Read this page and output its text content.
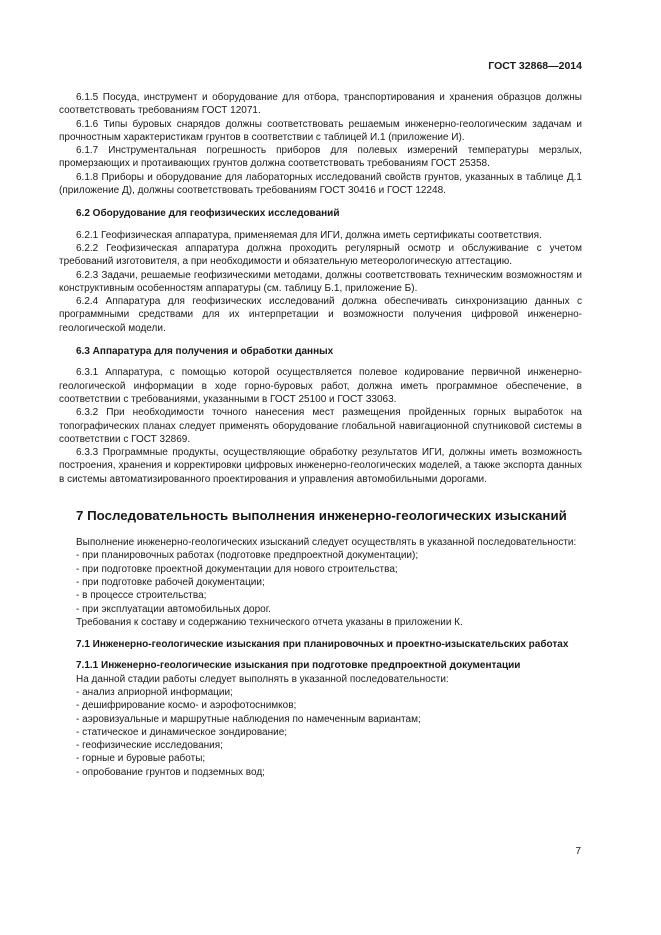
ГОСТ 32868—2014

6.1.5 Посуда, инструмент и оборудование для отбора, транспортирования и хранения образцов должны соответствовать требованиям ГОСТ 12071.

6.1.6 Типы буровых снарядов должны соответствовать решаемым инженерно-геологическим задачам и прочностным характеристикам грунтов в соответствии с таблицей И.1 (приложение И).

6.1.7 Инструментальная погрешность приборов для полевых измерений температуры мерзлых, промерзающих и протаивающих грунтов должна соответствовать требованиям ГОСТ 25358.

6.1.8 Приборы и оборудование для лабораторных исследований свойств грунтов, указанных в таблице Д.1 (приложение Д), должны соответствовать требованиям ГОСТ 30416 и ГОСТ 12248.

6.2 Оборудование для геофизических исследований

6.2.1 Геофизическая аппаратура, применяемая для ИГИ, должна иметь сертификаты соответствия.

6.2.2 Геофизическая аппаратура должна проходить регулярный осмотр и обслуживание с учетом требований изготовителя, а при необходимости и обязательную метеорологическую аттестацию.

6.2.3 Задачи, решаемые геофизическими методами, должны соответствовать техническим возможностям и конструктивным особенностям аппаратуры (см. таблицу Б.1, приложение Б).

6.2.4 Аппаратура для геофизических исследований должна обеспечивать синхронизацию данных с программными средствами для их интерпретации и возможности получения цифровой инженерно-геологической модели.

6.3 Аппаратура для получения и обработки данных

6.3.1 Аппаратура, с помощью которой осуществляется полевое кодирование первичной инженерно-геологической информации в ходе горно-буровых работ, должна иметь программное обеспечение, в соответствии с требованиями, указанными в ГОСТ 25100 и ГОСТ 33063.

6.3.2 При необходимости точного нанесения мест размещения пройденных горных выработок на топографических планах следует применять оборудование глобальной навигационной спутниковой системы в соответствии с ГОСТ 32869.

6.3.3 Программные продукты, осуществляющие обработку результатов ИГИ, должны иметь возможность построения, хранения и корректировки цифровых инженерно-геологических моделей, а также экспорта данных в системы автоматизированного проектирования и управления автомобильными дорогами.

7 Последовательность выполнения инженерно-геологических изысканий

Выполнение инженерно-геологических изысканий следует осуществлять в указанной последовательности:

- при планировочных работах (подготовке предпроектной документации);
- при подготовке проектной документации для нового строительства;
- при подготовке рабочей документации;
- в процессе строительства;
- при эксплуатации автомобильных дорог.

Требования к составу и содержанию технического отчета указаны в приложении К.

7.1 Инженерно-геологические изыскания при планировочных и проектно-изыскательских работах
7.1.1 Инженерно-геологические изыскания при подготовке предпроектной документации

На данной стадии работы следует выполнять в указанной последовательности:

- анализ априорной информации;
- дешифрирование космо- и аэрофотоснимков;
- аэровизуальные и маршрутные наблюдения по намеченным вариантам;
- статическое и динамическое зондирование;
- геофизические исследования;
- горные и буровые работы;
- опробование грунтов и подземных вод;
7
